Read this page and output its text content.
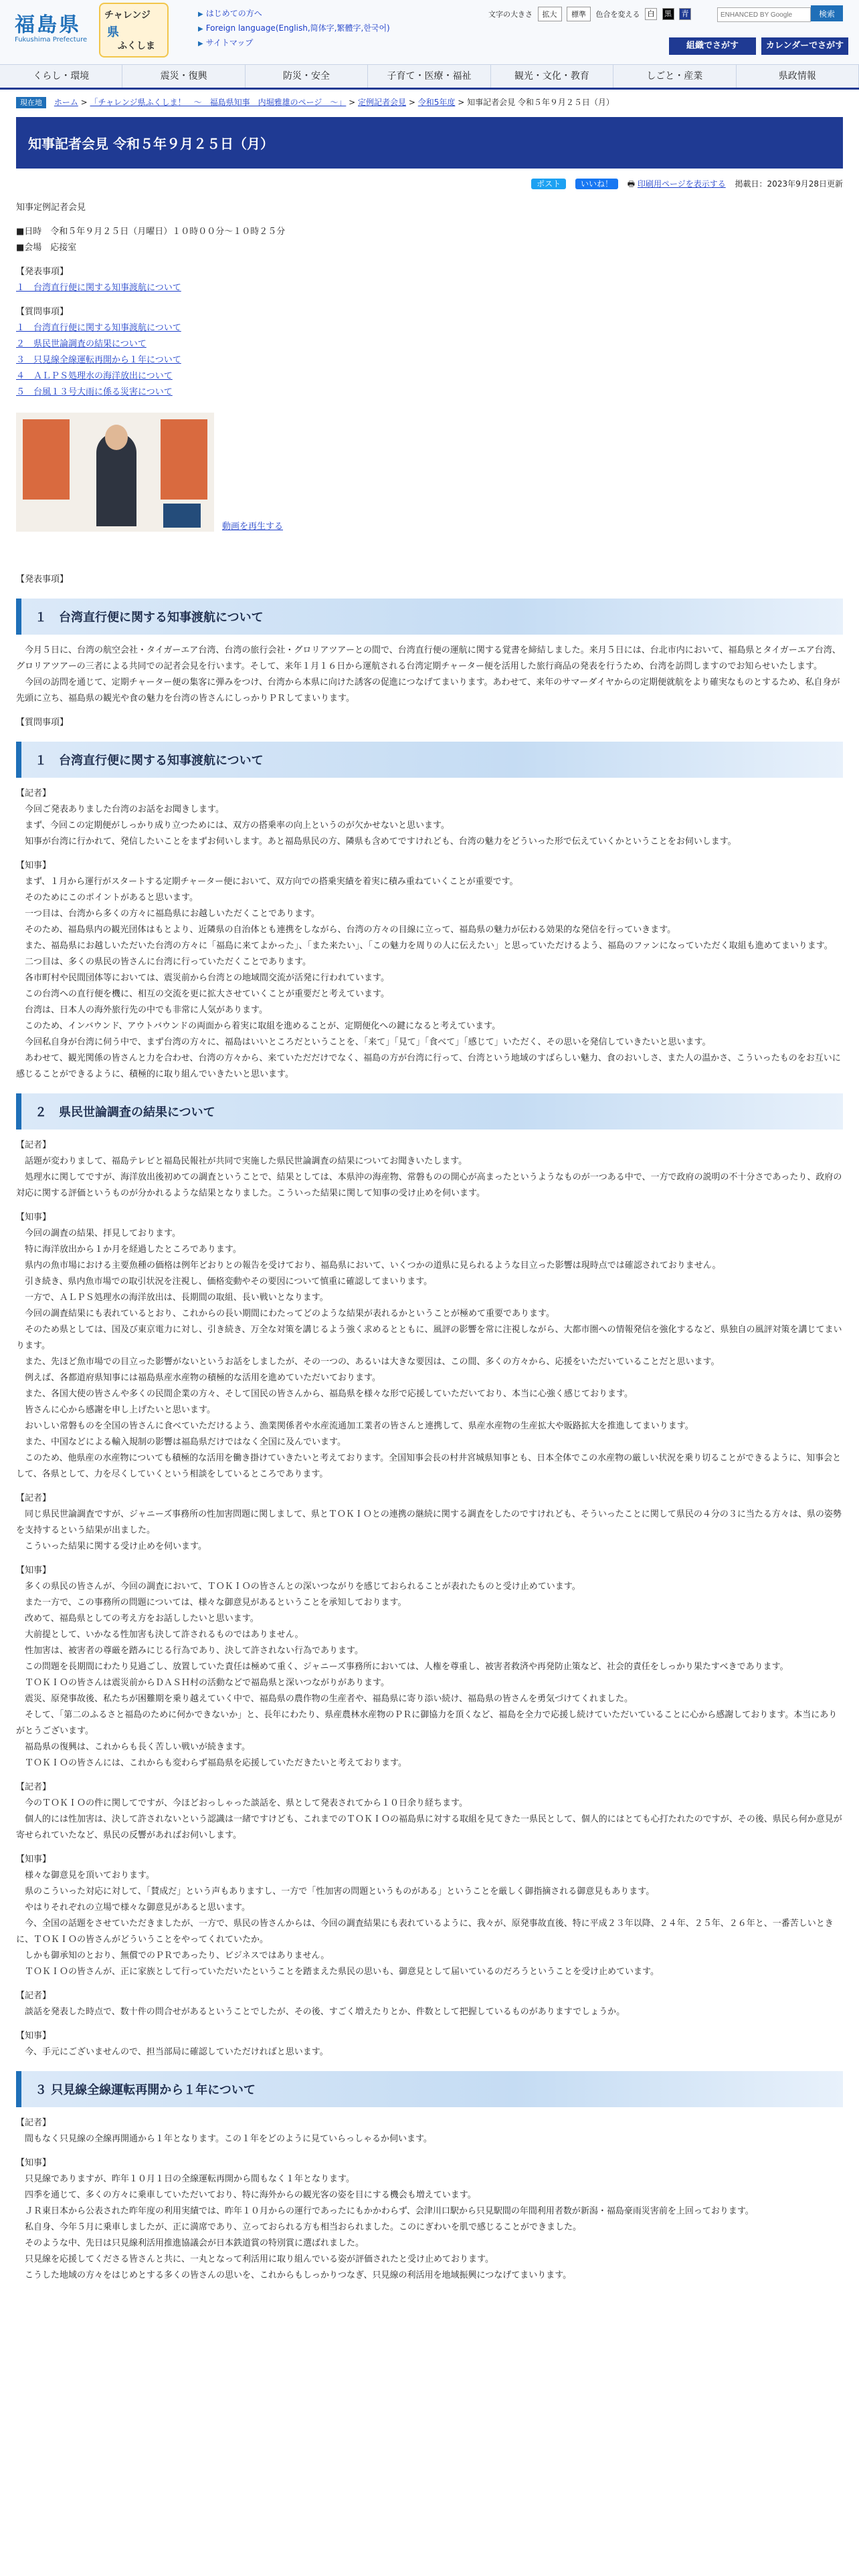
福島県
Fukushima Prefecture
チャレンジ
県
ふくしま
▶ はじめての方へ
▶ Foreign language(English,简体字,繁體字,한국어)
▶ サイトマップ
文字の大きさ 拡大 標準 色合を変える 白 黒 青
ENHANCED BY Google	検索
組織でさがす	カレンダーでさがす
くらし・環境	震災・復興	防災・安全	子育て・医療・福祉	観光・文化・教育	しごと・産業	県政情報
現在地 ホーム > 「チャレンジ県ふくしま！　～　福島県知事　内堀雅雄のページ　～」 > 定例記者会見 > 令和5年度 > 知事記者会見 令和５年９月２５日（月）
知事記者会見 令和５年９月２５日（月）
ポスト いいね！ 🖶 印刷用ページを表示する 掲載日：2023年9月28日更新

知事定例記者会見

■日時　令和５年９月２５日（月曜日）１０時００分～１０時２５分

■会場　応接室

【発表事項】

１　台湾直行便に関する知事渡航について

【質問事項】

１　台湾直行便に関する知事渡航について
２　県民世論調査の結果について
３　只見線全線運転再開から１年について
４　ＡＬＰＳ処理水の海洋放出について
５　台風１３号大雨に係る災害について
動画を再生する

【発表事項】

１　台湾直行便に関する知事渡航について

　今月５日に、台湾の航空会社・タイガーエア台湾、台湾の旅行会社・グロリアツアーとの間で、台湾直行便の運航に関する覚書を締結しました。来月５日には、台北市内において、福島県とタイガーエア台湾、グロリアツアーの三者による共同での記者会見を行います。そして、来年１月１６日から運航される台湾定期チャーター便を活用した旅行商品の発表を行うため、台湾を訪問しますのでお知らせいたします。

　今回の訪問を通じて、定期チャーター便の集客に弾みをつけ、台湾から本県に向けた誘客の促進につなげてまいります。あわせて、来年のサマーダイヤからの定期便就航をより確実なものとするため、私自身が先頭に立ち、福島県の観光や食の魅力を台湾の皆さんにしっかりＰＲしてまいります。

【質問事項】

１　台湾直行便に関する知事渡航について

【記者】

　今回ご発表ありました台湾のお話をお聞きします。
　まず、今回この定期便がしっかり成り立つためには、双方の搭乗率の向上というのが欠かせないと思います。
　知事が台湾に行かれて、発信したいことをまずお伺いします。あと福島県民の方、隣県も含めてですけれども、台湾の魅力をどういった形で伝えていくかということをお伺いします。

【知事】

　まず、１月から運行がスタートする定期チャーター便において、双方向での搭乗実績を着実に積み重ねていくことが重要です。
　そのためにこのポイントがあると思います。
　一つ目は、台湾から多くの方々に福島県にお越しいただくことであります。
　そのため、福島県内の観光団体はもとより、近隣県の自治体とも連携をしながら、台湾の方々の目線に立って、福島県の魅力が伝わる効果的な発信を行っていきます。
　また、福島県にお越しいただいた台湾の方々に「福島に来てよかった」、「また来たい」、「この魅力を周りの人に伝えたい」と思っていただけるよう、福島のファンになっていただく取組も進めてまいります。
　二つ目は、多くの県民の皆さんに台湾に行っていただくことであります。
　各市町村や民間団体等においては、震災前から台湾との地域間交流が活発に行われています。
　この台湾への直行便を機に、相互の交流を更に拡大させていくことが重要だと考えています。
　台湾は、日本人の海外旅行先の中でも非常に人気があります。
　このため、インバウンド、アウトバウンドの両面から着実に取組を進めることが、定期便化への鍵になると考えています。
　今回私自身が台湾に伺う中で、まず台湾の方々に、福島はいいところだということを、「来て」「見て」「食べて」「感じて」いただく、その思いを発信していきたいと思います。
　あわせて、観光関係の皆さんと力を合わせ、台湾の方々から、来ていただだけでなく、福島の方が台湾に行って、台湾という地域のすばらしい魅力、食のおいしさ、また人の温かさ、こういったものをお互いに感じることができるように、積極的に取り組んでいきたいと思います。

２　県民世論調査の結果について

【記者】

　話題が変わりまして、福島テレビと福島民報社が共同で実施した県民世論調査の結果についてお聞きいたします。
　処理水に関してですが、海洋放出後初めての調査ということで、結果としては、本県沖の海産物、常磐ものの開心が高まったというようなものが一つある中で、一方で政府の説明の不十分さであったり、政府の対応に関する評価というものが分かれるような結果となりました。こういった結果に関して知事の受け止めを伺います。

【知事】

　今回の調査の結果、拝見しております。
　特に海洋放出から１か月を経過したところであります。
　県内の魚市場における主要魚種の価格は例年どおりとの報告を受けており、福島県において、いくつかの道県に見られるような目立った影響は現時点では確認されておりません。
　引き続き、県内魚市場での取引状況を注視し、価格変動やその要因について慎重に確認してまいります。
　一方で、ＡＬＰＳ処理水の海洋放出は、長期間の取組、長い戦いとなります。
　今回の調査結果にも表れているとおり、これからの長い期間にわたってどのような結果が表れるかということが極めて重要であります。
　そのため県としては、国及び東京電力に対し、引き続き、万全な対策を講じるよう強く求めるとともに、風評の影響を常に注視しながら、大都市圏への情報発信を強化するなど、県独自の風評対策を講じてまいります。
　また、先ほど魚市場での目立った影響がないというお話をしましたが、その一つの、あるいは大きな要因は、この間、多くの方々から、応援をいただいていることだと思います。
　例えば、各都道府県知事には福島県産水産物の積極的な活用を進めていただいております。
　また、各国大使の皆さんや多くの民間企業の方々、そして国民の皆さんから、福島県を様々な形で応援していただいており、本当に心強く感じております。
　皆さんに心から感謝を申し上げたいと思います。
　おいしい常磐ものを全国の皆さんに食べていただけるよう、漁業関係者や水産流通加工業者の皆さんと連携して、県産水産物の生産拡大や販路拡大を推進してまいります。
　また、中国などによる輸入規制の影響は福島県だけではなく全国に及んでいます。
　このため、他県産の水産物についても積極的な活用を働き掛けていきたいと考えております。全国知事会長の村井宮城県知事とも、日本全体でこの水産物の厳しい状況を乗り切ることができるように、知事会として、各県として、力を尽くしていくという相談をしているところであります。

【記者】

　同じ県民世論調査ですが、ジャニーズ事務所の性加害問題に関しまして、県とＴＯＫＩＯとの連携の継続に関する調査をしたのですけれども、そういったことに関して県民の４分の３に当たる方々は、県の姿勢を支持するという結果が出ました。
　こういった結果に関する受け止めを伺います。

【知事】

　多くの県民の皆さんが、今回の調査において、ＴＯＫＩＯの皆さんとの深いつながりを感じておられることが表れたものと受け止めています。
　また一方で、この事務所の問題については、様々な御意見があるということを承知しております。
　改めて、福島県としての考え方をお話ししたいと思います。
　大前提として、いかなる性加害も決して許されるものではありません。
　性加害は、被害者の尊厳を踏みにじる行為であり、決して許されない行為であります。
　この問題を長期間にわたり見過ごし、放置していた責任は極めて重く、ジャニーズ事務所においては、人権を尊重し、被害者救済や再発防止策など、社会的責任をしっかり果たすべきであります。
　ＴＯＫＩＯの皆さんは震災前からＤＡＳＨ村の活動などで福島県と深いつながりがあります。
　震災、原発事故後、私たちが困難期を乗り越えていく中で、福島県の農作物の生産者や、福島県に寄り添い続け、福島県の皆さんを勇気づけてくれました。
　そして、「第二のふるさと福島のために何かできないか」と、長年にわたり、県産農林水産物のＰＲに御協力を頂くなど、福島を全力で応援し続けていただいていることに心から感謝しております。本当にありがとうございます。
　福島県の復興は、これからも長く苦しい戦いが続きます。
　ＴＯＫＩＯの皆さんには、これからも変わらず福島県を応援していただきたいと考えております。

【記者】

　今のＴＯＫＩＯの件に関してですが、今ほどおっしゃった談話を、県として発表されてから１０日余り経ちます。
　個人的には性加害は、決して許されないという認識は一緒ですけども、これまでのＴＯＫＩＯの福島県に対する取組を見てきた一県民として、個人的にはとても心打たれたのですが、その後、県民ら何か意見が寄せられていたなど、県民の反響があればお伺いします。

【知事】

　様々な御意見を頂いております。
　県のこういった対応に対して、「賛成だ」という声もありますし、一方で「性加害の問題というものがある」ということを厳しく御指摘される御意見もあります。
　やはりそれぞれの立場で様々な御意見があると思います。
　今、全国の話題をさせていただきましたが、一方で、県民の皆さんからは、今回の調査結果にも表れているように、我々が、原発事故直後、特に平成２３年以降、２４年、２５年、２６年と、一番苦しいときに、ＴＯＫＩＯの皆さんがどういうことをやってくれていたか。
　しかも御承知のとおり、無償でのＰＲであったり、ビジネスではありません。
　ＴＯＫＩＯの皆さんが、正に家族として行っていただいたということを踏まえた県民の思いも、御意見として届いているのだろうということを受け止めています。

【記者】

　談話を発表した時点で、数十件の問合せがあるということでしたが、その後、すごく増えたりとか、件数として把握しているものがありますでしょうか。

【知事】

　今、手元にございませんので、担当部局に確認していただければと思います。

３ 只見線全線運転再開から１年について

【記者】

　間もなく只見線の全線再開通から１年となります。この１年をどのように見ていらっしゃるか伺います。

【知事】

　只見線でありますが、昨年１０月１日の全線運転再開から間もなく１年となります。
　四季を通じて、多くの方々に乗車していただいており、特に海外からの観光客の姿を目にする機会も増えています。
　ＪＲ東日本から公表された昨年度の利用実績では、昨年１０月からの運行であったにもかかわらず、会津川口駅から只見駅間の年間利用者数が新潟・福島豪雨災害前を上回っております。
　私自身、今年５月に乗車しましたが、正に満席であり、立っておられる方も相当おられました。このにぎわいを肌で感じることができました。
　そのような中、先日は只見線利活用推進協議会が日本鉄道賞の特別賞に選ばれました。
　只見線を応援してくださる皆さんと共に、一丸となって利活用に取り組んでいる姿が評価されたと受け止めております。
　こうした地域の方々をはじめとする多くの皆さんの思いを、これからもしっかりつなぎ、只見線の利活用を地域振興につなげてまいります。
